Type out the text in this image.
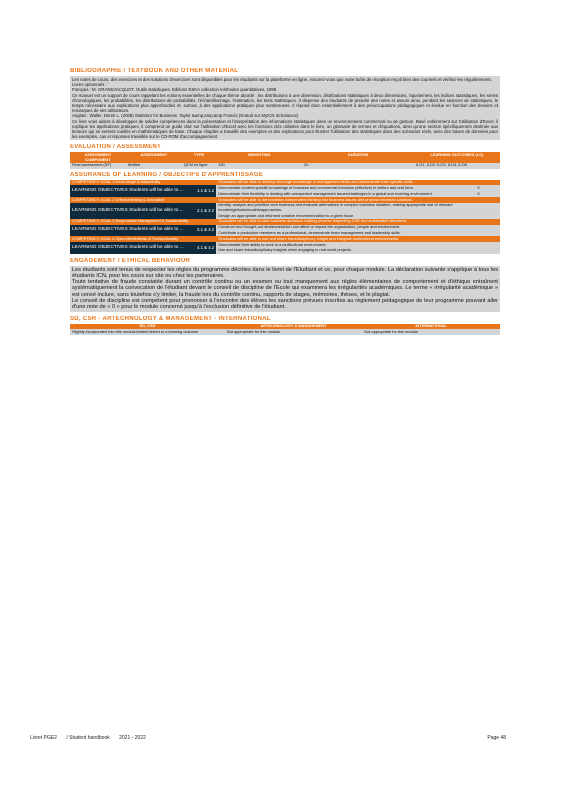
BIBLIOGRAPHIE / TEXTBOOK AND OTHER MATERIAL

Les notes de cours, des exercices et des solutions d'exercices sont disponibles pour les étudiants sur la plateforme en ligne. Assurez-vous que votre boîte de réception reçoit bien des courriels et vérifiez-les régulièrement.

Livres optionnels :

Français : M. GRANDJACQUOT, Outils statistiques, Editions ESKA collection méthodes quantitatives, 1999.

Ce manuel est un support de cours rappelant les notions essentielles de chaque thème abordé : les distributions à une dimension, distributions statistiques à deux dimensions, l'ajustement, les indices statistiques, les séries chronologiques, les probabilités, les distributions de probabilités, l'échantillonnage, l'estimation, les tests statistiques. Il dispense des étudiants de prendre des notes et assure ainsi, pendant les séances de statistiques, le temps nécessaire aux explications plus approfondies et, surtout, à des applications pratiques plus nombreuses. Il répond donc essentiellement à des préoccupations pédagogiques et évolue en fonction des besoins et remarques de ses utilisateurs.

Anglais : Waller, Derek L. (2008) Statistics for Business. Taylor &amp;amp;amp Francis (Gratuit sur MyICN Scholarvox)

Ce livre vous aidera à développer de solides compétences dans la présentation et l'interprétation des informations statistiques dans un environnement commercial ou de gestion. Basé entièrement sur l'utilisation d'Excel, il explique les applications pratiques, il comprend un guide clair sur l'utilisation d'Excel avec les fonctions clés utilisées dans le livre, un glossaire de termes et d'équations, ainsi qu'une section spécifiquement destinée aux lecteurs qui se sentent rouillés en mathématiques de base. Chaque chapitre a travaillé des exemples et des explications pour illustrer l'utilisation des statistiques dans des scénarios réels, avec des bases de données pour les exemples, cas et réponses travaillés sur le CD-ROM d'accompagnement.

EVALUATION / ASSESSMENT
ASSESSMENT COMPONENT	ASSESSMENT	TYPE	WEIGHTING	DURATION	LEARNING OUTCOMES (LO)
Final assessment (DF)	Written	QCM en ligne	100	2h	ILO1, ILO2, ILO3, ILO4, ILO5
ASSURANCE OF LEARNING / OBJECTIFS D'APPRENTISSAGE
COMPETENCY GOAL 1 Know ledge & Adaptability	Graduates will be able to develop thorough knowledge in management fields and demonstrate their specific skills.	

1.1 & 1.2
LEARNING OBJECTIVES Students will be able to ...	Demonstrate context-specific knowledge of business and commercial functions (effective) in written and oral form.	X
	Demonstrate their flexibility in dealing with unexpected management issues/challenges in a global and evolving environment.	X
COMPETENCY GOAL 2 Critical thinking & Innovation	Graduates will be able to demonstrate independent thinking into business issues and propose informed solutions.	

2.1 & 2.2
LEARNING OBJECTIVES Students will be able to ...	Identify, analyze and prioritize core business and evaluate alternatives in complex business situation, making appropriate use of relevant knowledge/tools/models/approaches.	
	Design an appropriate and informed creative recommendation to a given issue.	
COMPETENCY GOAL 3 Responsible Management & Sustainability	Graduates will be able to take business decisions making process respecting CSR and sustainable standards.	

3.1 & 3.2
LEARNING OBJECTIVES Students will be able to ...	Construct and thought-out decisions/which can affect or impact the organization, people and environment.	
	Contribute a productive members as a professional; demonstrate team management and leadership skills.	
COMPETENCY GOAL 4 Open-Mindedness & Transculturality	Graduates will be able to use and share transdisciplinary insight and integrate multicultural environments.	

4.1 & 4.2
LEARNING OBJECTIVES Students will be able to ...	Demonstrate their ability to work in a multicultural environment.	
	Use and share transdisciplinary insights when engaging in real world projects.	
ENGAGEMENT / ETHICAL BEHAVIOUR

Les étudiants sont tenus de respecter les règles du programme décrites dans le livret de l'Etudiant et ce, pour chaque module. La déclaration suivante s'applique à tous les étudiants ICN, pour les cours sur site ou chez les partenaires.

Toute tentative de fraude constatée durant un contrôle continu ou un examen ou tout manquement aux règles élémentaires de comportement et d'éthique entraînent systématiquement la convocation de l'étudiant devant le conseil de discipline de l'Ecole qui examinera les irrégularités académiques. Le terme « irrégularité académique » est censé inclure, sans toutefois s'y limiter, la fraude lors du contrôle continu, rapports de stages, mémoires, thèses, et le plagiat.

Le conseil de discipline est compétent pour prononcer à l'encontre des élèves les sanctions prévues inscrites au règlement pédagogique de leur programme pouvant aller d'une note de « 0 » pour le module concerné jusqu'à l'exclusion définitive de l'étudiant.

SD, CSR - ARTECHNOLOGY & MANAGEMENT - INTERNATIONAL
SD, CSR	ARTECHNOLOGY & MANAGEMENT	INTERNATIONAL
Slightly incorporated into this module/related linked to a learning outcome	Not appropriate for this module	Not appropriate for this module
Livret PGE2 / Student handbook 2021 - 2022	Page 48
